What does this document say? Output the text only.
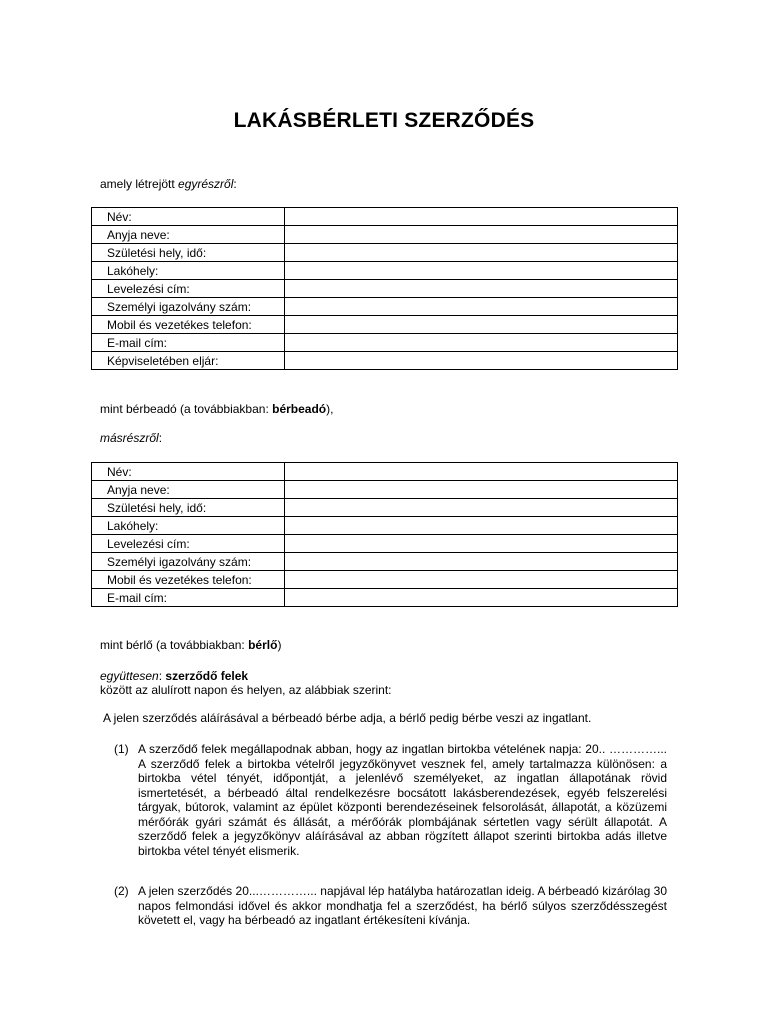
LAKÁSBÉRLETI SZERZŐDÉS
amely létrejött egyrészről:
Név:	
Anyja neve:	
Születési hely, idő:	
Lakóhely:	
Levelezési cím:	
Személyi igazolvány szám:	
Mobil és vezetékes telefon:	
E-mail cím:	
Képviseletében eljár:	
mint bérbeadó (a továbbiakban: bérbeadó),
másrészről:
Név:	
Anyja neve:	
Születési hely, idő:	
Lakóhely:	
Levelezési cím:	
Személyi igazolvány szám:	
Mobil és vezetékes telefon:	
E-mail cím:	
mint bérlő (a továbbiakban: bérlő)
együttesen: szerződő felek
között az alulírott napon és helyen, az alábbiak szerint:
A jelen szerződés aláírásával a bérbeadó bérbe adja, a bérlő pedig bérbe veszi az ingatlant.
(1) A szerződő felek megállapodnak abban, hogy az ingatlan birtokba vételének napja: 20.. …………... A szerződő felek a birtokba vételről jegyzőkönyvet vesznek fel, amely tartalmazza különösen: a birtokba vétel tényét, időpontját, a jelenlévő személyeket, az ingatlan állapotának rövid ismertetését, a bérbeadó által rendelkezésre bocsátott lakásberendezések, egyéb felszerelési tárgyak, bútorok, valamint az épület központi berendezéseinek felsorolását, állapotát, a közüzemi mérőórák gyári számát és állását, a mérőórák plombájának sértetlen vagy sérült állapotát. A szerződő felek a jegyzőkönyv aláírásával az abban rögzített állapot szerinti birtokba adás illetve birtokba vétel tényét elismerik.
(2) A jelen szerződés 20...…………... napjával lép hatályba határozatlan ideig. A bérbeadó kizárólag 30 napos felmondási idővel és akkor mondhatja fel a szerződést, ha bérlő súlyos szerződésszegést követett el, vagy ha bérbeadó az ingatlant értékesíteni kívánja.
